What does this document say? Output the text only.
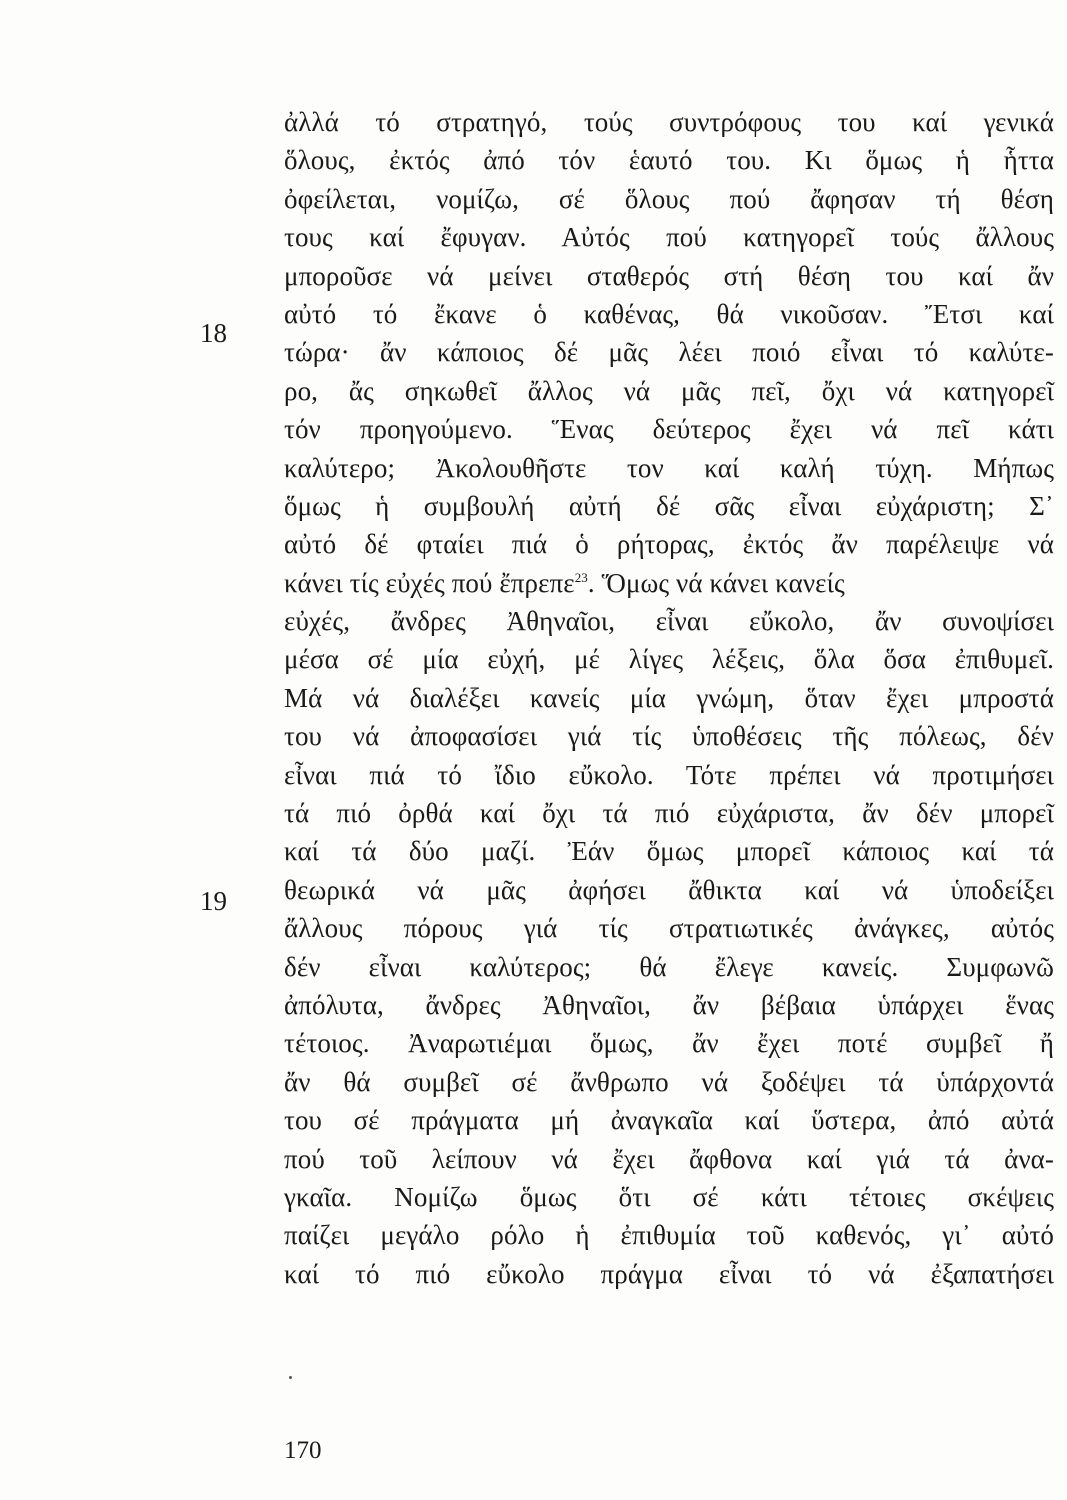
18
19
ἀλλά τό στρατηγό, τούς συντρόφους του καί γενικά
ὅλους, ἐκτός ἀπό τόν ἑαυτό του. Κι ὅμως ἡ ἧττα
ὀφείλεται, νομίζω, σέ ὅλους πού ἄφησαν τή θέση
τους καί ἔφυγαν. Αὐτός πού κατηγορεῖ τούς ἄλλους
μποροῦσε νά μείνει σταθερός στή θέση του καί ἄν
αὐτό τό ἔκανε ὁ καθένας, θά νικοῦσαν. Ἔτσι καί
τώρα· ἄν κάποιος δέ μᾶς λέει ποιό εἶναι τό καλύτε-
ρο, ἄς σηκωθεῖ ἄλλος νά μᾶς πεῖ, ὄχι νά κατηγορεῖ
τόν προηγούμενο. Ἕνας δεύτερος ἔχει νά πεῖ κάτι
καλύτερο; Ἀκολουθῆστε τον καί καλή τύχη. Μήπως
ὅμως ἡ συμβουλή αὐτή δέ σᾶς εἶναι εὐχάριστη; Σ᾽
αὐτό δέ φταίει πιά ὁ ρήτορας, ἐκτός ἄν παρέλειψε νά
κάνει τίς εὐχές πού ἔπρεπε$^{23}$. Ὅμως νά κάνει κανείς
εὐχές, ἄνδρες Ἀθηναῖοι, εἶναι εὔκολο, ἄν συνοψίσει
μέσα σέ μία εὐχή, μέ λίγες λέξεις, ὅλα ὅσα ἐπιθυμεῖ.
Μά νά διαλέξει κανείς μία γνώμη, ὅταν ἔχει μπροστά
του νά ἀποφασίσει γιά τίς ὑποθέσεις τῆς πόλεως, δέν
εἶναι πιά τό ἴδιο εὔκολο. Τότε πρέπει νά προτιμήσει
τά πιό ὀρθά καί ὄχι τά πιό εὐχάριστα, ἄν δέν μπορεῖ
καί τά δύο μαζί. Ἐάν ὅμως μπορεῖ κάποιος καί τά
θεωρικά νά μᾶς ἀφήσει ἄθικτα καί νά ὑποδείξει
ἄλλους πόρους γιά τίς στρατιωτικές ἀνάγκες, αὐτός
δέν εἶναι καλύτερος; θά ἔλεγε κανείς. Συμφωνῶ
ἀπόλυτα, ἄνδρες Ἀθηναῖοι, ἄν βέβαια ὑπάρχει ἕνας
τέτοιος. Ἀναρωτιέμαι ὅμως, ἄν ἔχει ποτέ συμβεῖ ἤ
ἄν θά συμβεῖ σέ ἄνθρωπο νά ξοδέψει τά ὑπάρχοντά
του σέ πράγματα μή ἀναγκαῖα καί ὕστερα, ἀπό αὐτά
πού τοῦ λείπουν νά ἔχει ἄφθονα καί γιά τά ἀνα-
γκαῖα. Νομίζω ὅμως ὅτι σέ κάτι τέτοιες σκέψεις
παίζει μεγάλο ρόλο ἡ ἐπιθυμία τοῦ καθενός, γι᾽ αὐτό
καί τό πιό εὔκολο πράγμα εἶναι τό νά ἐξαπατήσει
170
